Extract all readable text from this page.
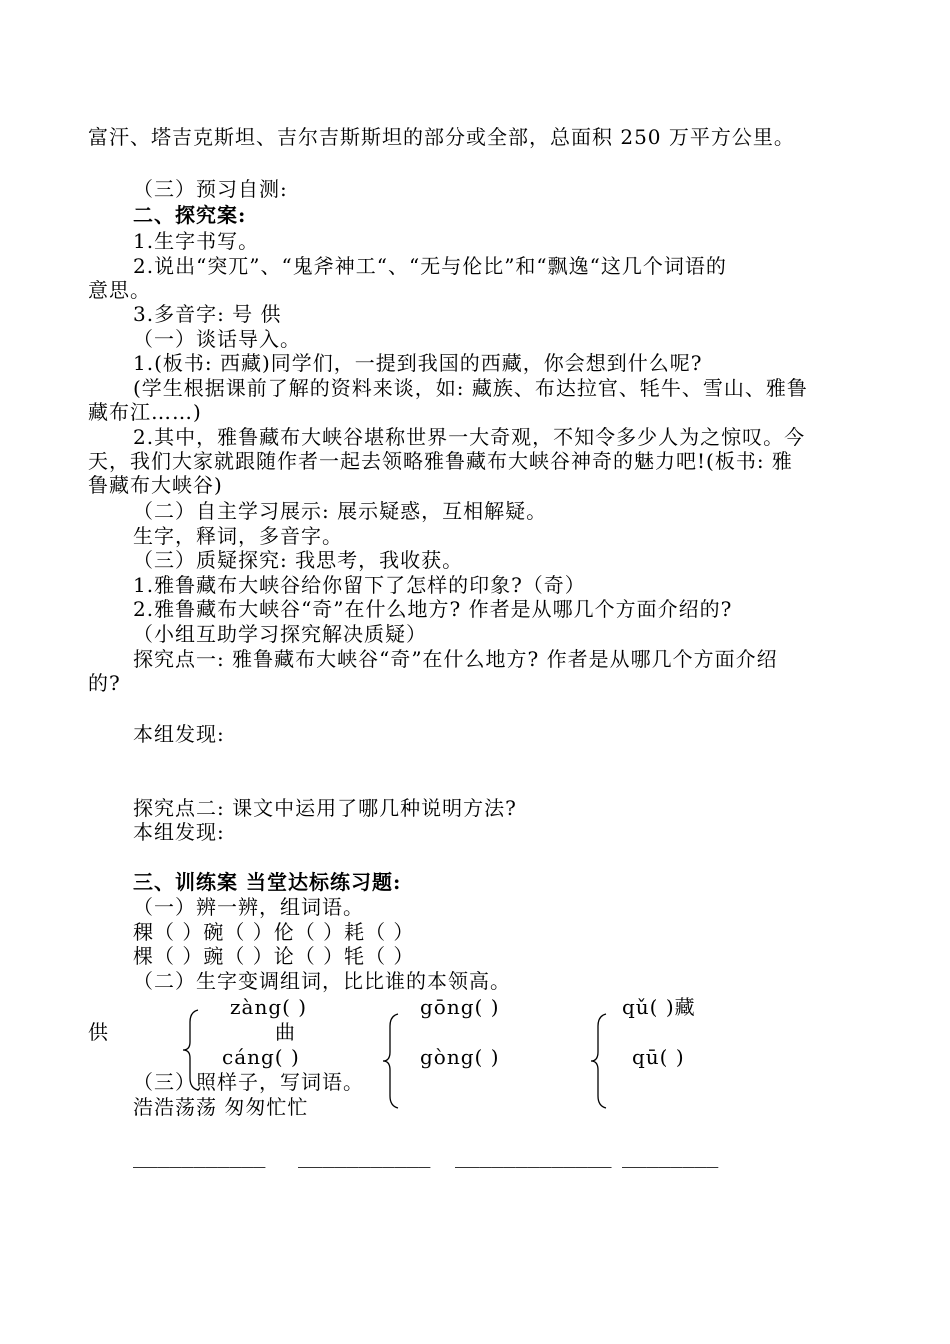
富汗、塔吉克斯坦、吉尔吉斯斯坦的部分或全部，总面积 250 万平方公里。
（三）预习自测:
二、探究案:
1.生字书写。
2.说出“突兀”、“鬼斧神工“、“无与伦比”和“飘逸“这几个词语的
意思。
3.多音字: 号 供
（一）谈话导入。
1.(板书: 西藏)同学们，一提到我国的西藏，你会想到什么呢?
(学生根据课前了解的资料来谈，如: 藏族、布达拉官、牦牛、雪山、雅鲁
藏布江……)
2.其中，雅鲁藏布大峡谷堪称世界一大奇观，不知令多少人为之惊叹。今
天，我们大家就跟随作者一起去领略雅鲁藏布大峡谷神奇的魅力吧!(板书: 雅
鲁藏布大峡谷)
（二）自主学习展示: 展示疑惑，互相解疑。
生字，释词，多音字。
（三）质疑探究: 我思考，我收获。
1.雅鲁藏布大峡谷给你留下了怎样的印象?（奇）
2.雅鲁藏布大峡谷“奇”在什么地方? 作者是从哪几个方面介绍的?
（小组互助学习探究解决质疑）
探究点一: 雅鲁藏布大峡谷“奇”在什么地方? 作者是从哪几个方面介绍
的?
本组发现:
探究点二: 课文中运用了哪几种说明方法?
本组发现:
三、训练案 当堂达标练习题:
（一）辨一辨，组词语。
稞（ ）碗（ ）伦（ ）耗（ ）
棵（ ）豌（ ）论（ ）牦（ ）
（二）生字变调组词，比比谁的本领高。
zàng( )	gōng( )	qǔ( )藏
供	曲
cáng( )	gòng( )	qū( )
（三）照样子，写词语。
浩浩荡荡 匆匆忙忙
___________ ___________ _____________ ________
